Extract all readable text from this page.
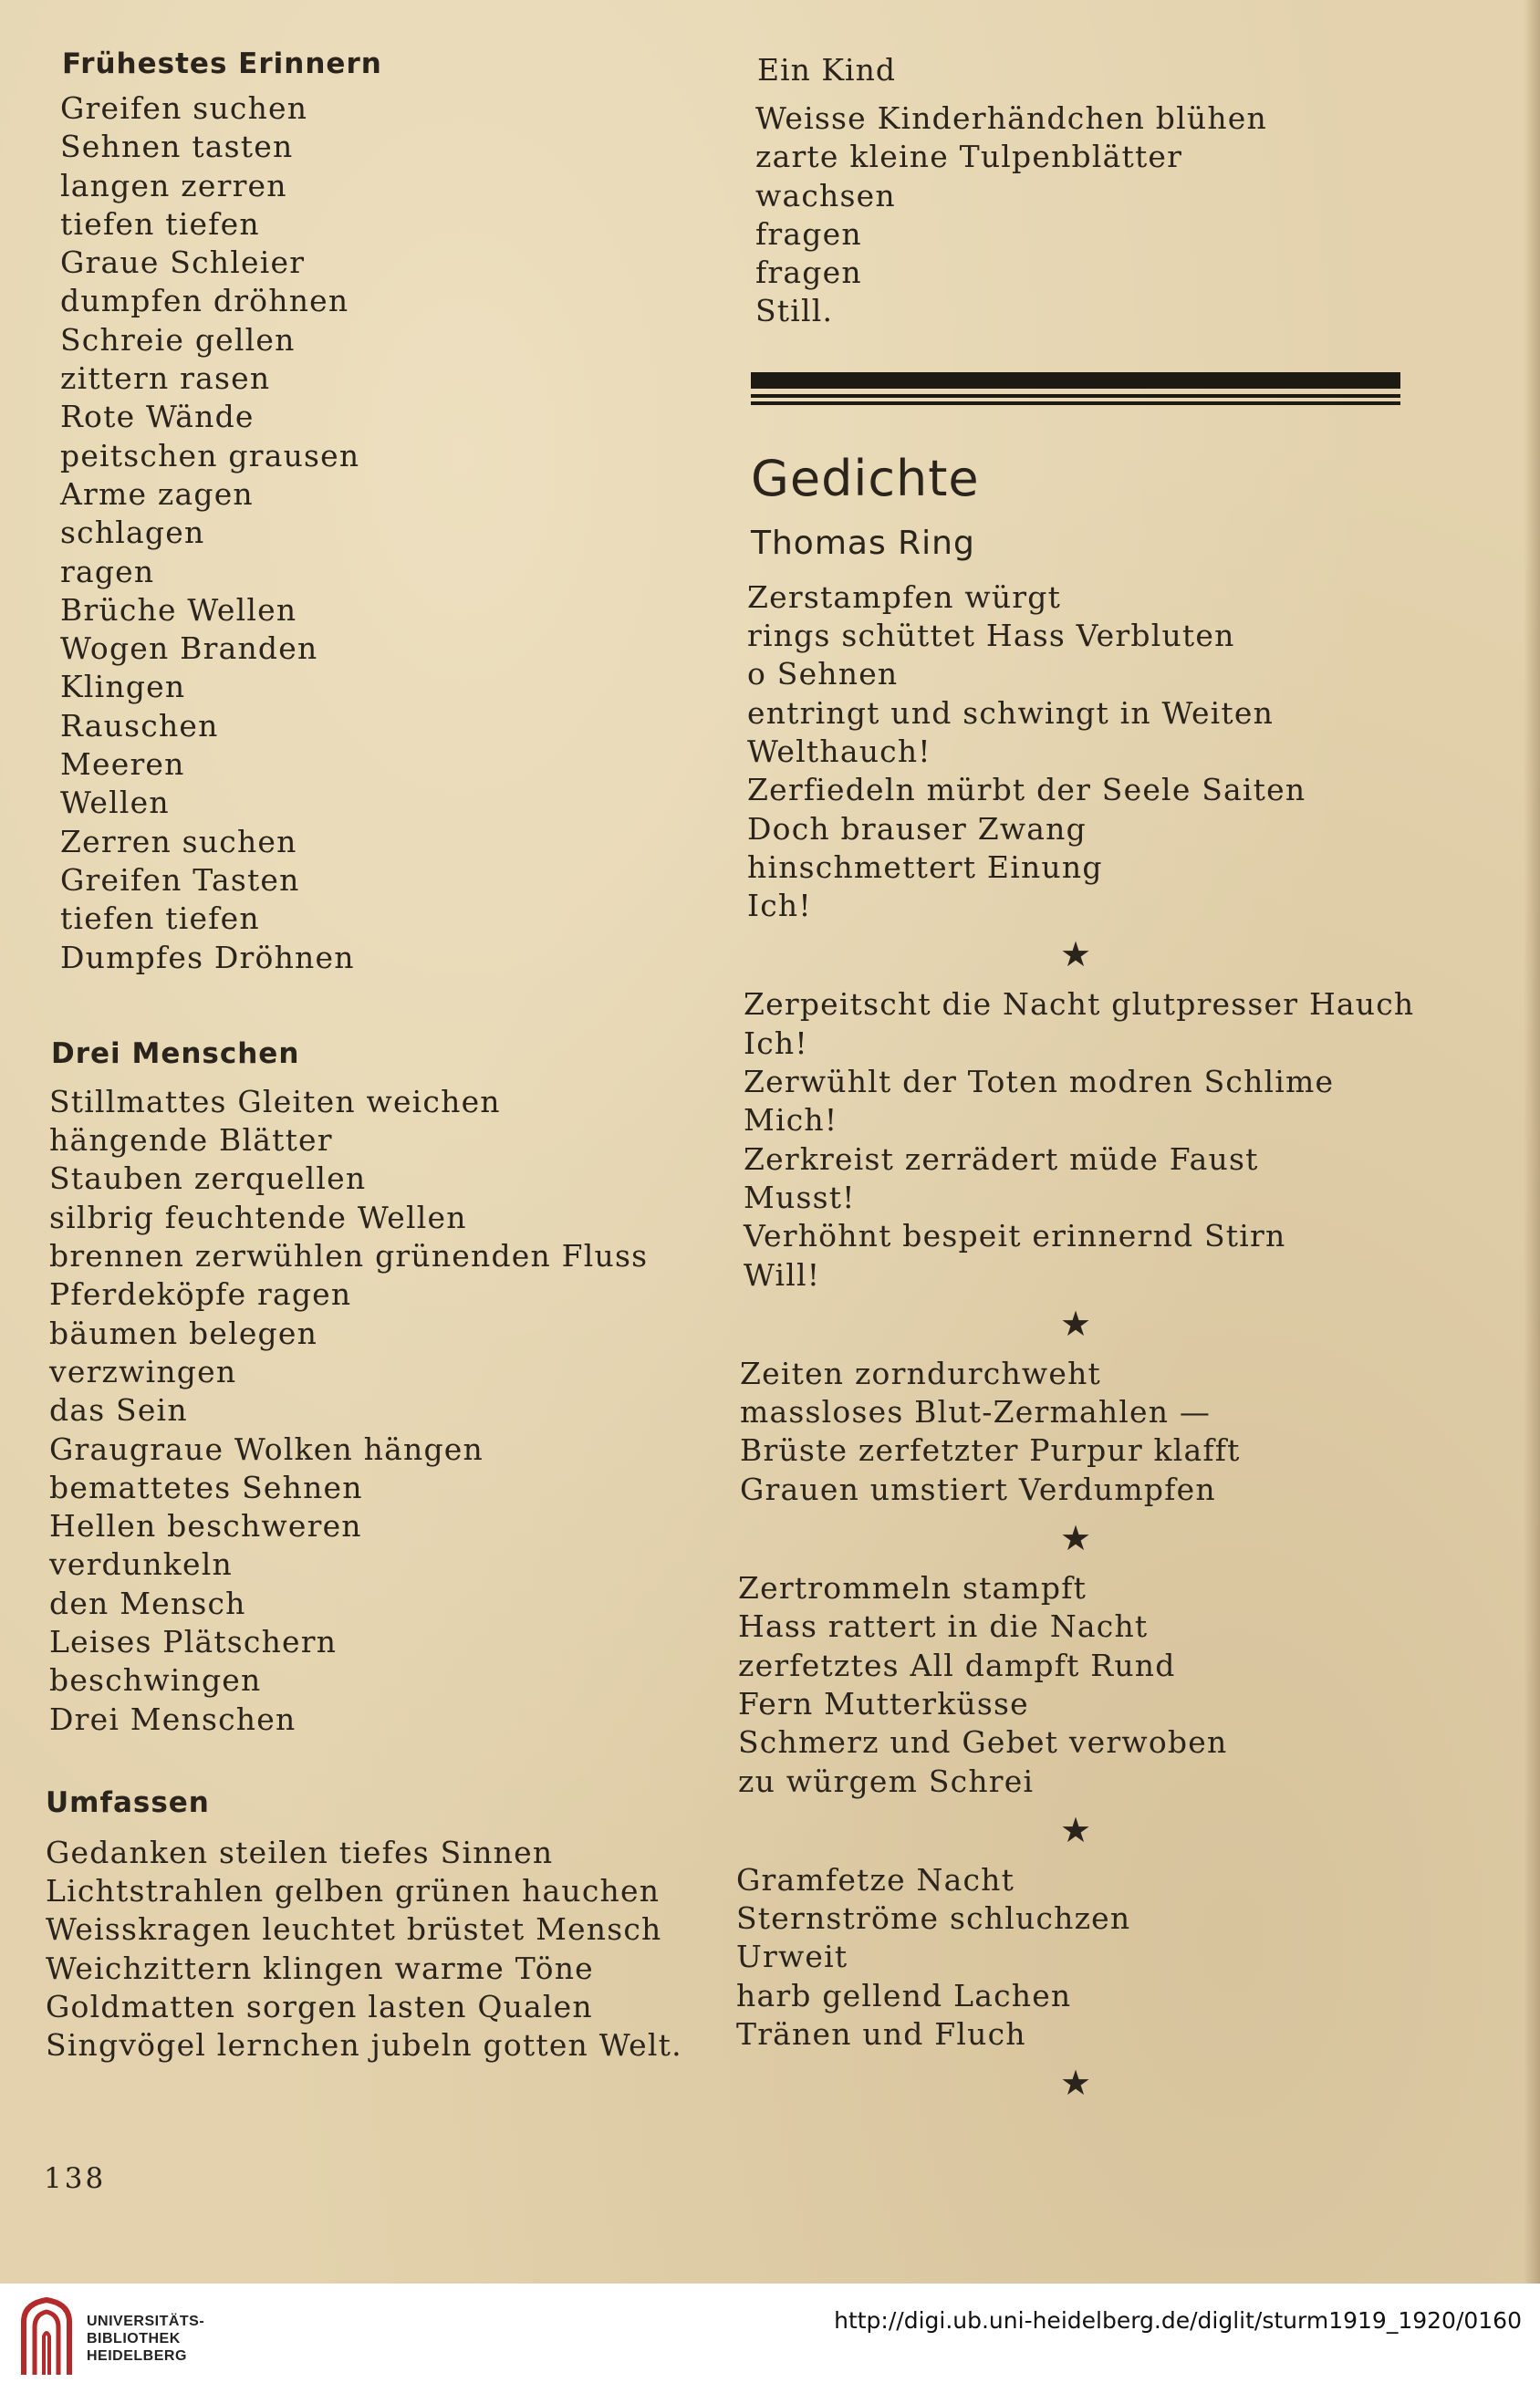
Frühestes Erinnern
Greifen suchen
Sehnen tasten
langen zerren
tiefen tiefen
Graue Schleier
dumpfen dröhnen
Schreie gellen
zittern rasen
Rote Wände
peitschen grausen
Arme zagen
schlagen
ragen
Brüche Wellen
Wogen Branden
Klingen
Rauschen
Meeren
Wellen
Zerren suchen
Greifen Tasten
tiefen tiefen
Dumpfes Dröhnen
Drei Menschen
Stillmattes Gleiten weichen
hängende Blätter
Stauben zerquellen
silbrig feuchtende Wellen
brennen zerwühlen grünenden Fluss
Pferdeköpfe ragen
bäumen belegen
verzwingen
das Sein
Graugraue Wolken hängen
bemattetes Sehnen
Hellen beschweren
verdunkeln
den Mensch
Leises Plätschern
beschwingen
Drei Menschen
Umfassen
Gedanken steilen tiefes Sinnen
Lichtstrahlen gelben grünen hauchen
Weisskragen leuchtet brüstet Mensch
Weichzittern klingen warme Töne
Goldmatten sorgen lasten Qualen
Singvögel lernchen jubeln gotten Welt.
Ein Kind
Weisse Kinderhändchen blühen
zarte kleine Tulpenblätter
wachsen
fragen
fragen
Still.
Gedichte
Thomas Ring
Zerstampfen würgt
rings schüttet Hass Verbluten
o Sehnen
entringt und schwingt in Weiten
Welthauch!
Zerfiedeln mürbt der Seele Saiten
Doch brauser Zwang
hinschmettert Einung
Ich!
★
Zerpeitscht die Nacht glutpresser Hauch
Ich!
Zerwühlt der Toten modren Schlime
Mich!
Zerkreist zerrädert müde Faust
Musst!
Verhöhnt bespeit erinnernd Stirn
Will!
★
Zeiten zorndurchweht
massloses Blut-Zermahlen —
Brüste zerfetzter Purpur klafft
Grauen umstiert Verdumpfen
★
Zertrommeln stampft
Hass rattert in die Nacht
zerfetztes All dampft Rund
Fern Mutterküsse
Schmerz und Gebet verwoben
zu würgem Schrei
★
Gramfetze Nacht
Sternströme schluchzen
Urweit
harb gellend Lachen
Tränen und Fluch
★
138
UNIVERSITÄTS-
BIBLIOTHEK
HEIDELBERG
http://digi.ub.uni-heidelberg.de/diglit/sturm1919_1920/0160
